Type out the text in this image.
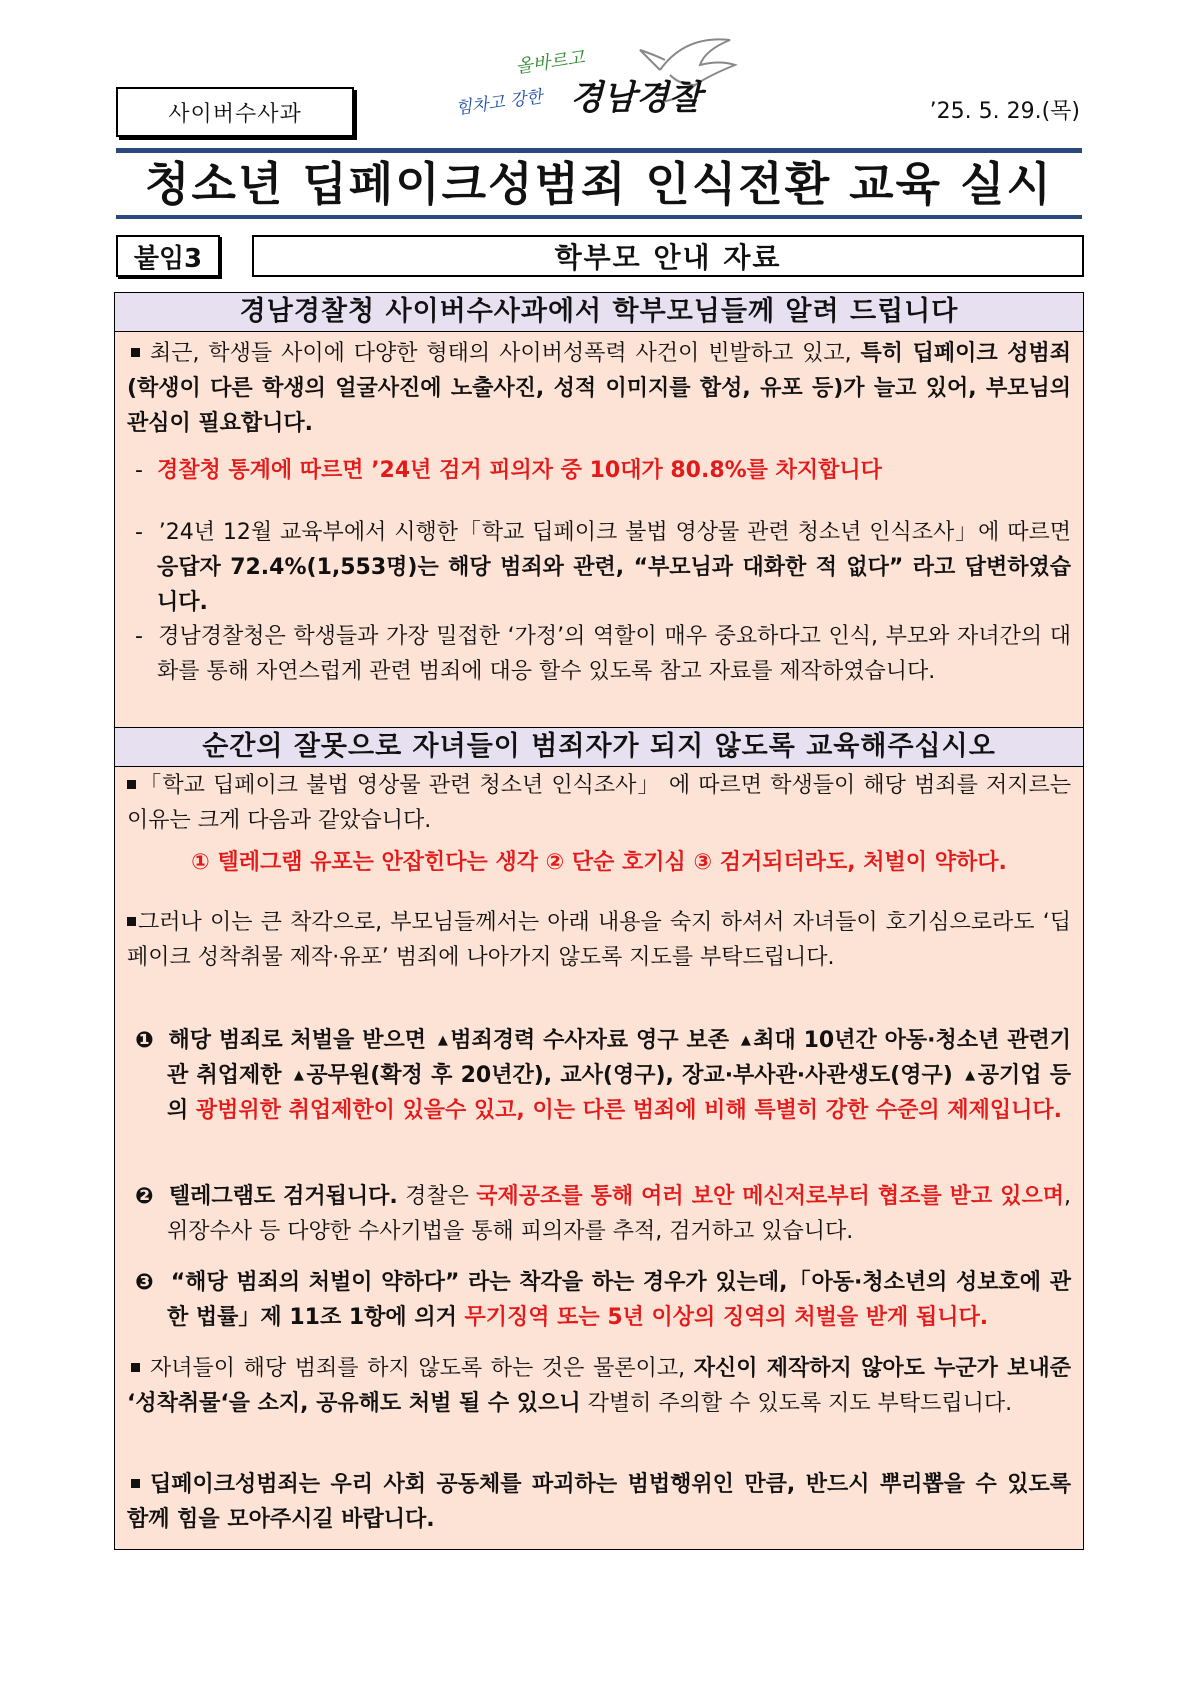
사이버수사과
올바르고
힘차고 강한 경남경찰	’25. 5. 29.(목)
청소년 딥페이크성범죄 인식전환 교육 실시
붙임3	학부모 안내 자료
경남경찰청 사이버수사과에서 학부모님들께 알려 드립니다
최근, 학생들 사이에 다양한 형태의 사이버성폭력 사건이 빈발하고 있고, 특히 딥페이크 성범죄(학생이 다른 학생의 얼굴사진에 노출사진, 성적 이미지를 합성, 유포 등)가 늘고 있어, 부모님의 관심이 필요합니다.
- 경찰청 통계에 따르면 ’24년 검거 피의자 중 10대가 80.8%를 차지합니다
- ’24년 12월 교육부에서 시행한「학교 딥페이크 불법 영상물 관련 청소년 인식조사」에 따르면 응답자 72.4%(1,553명)는 해당 범죄와 관련, “부모님과 대화한 적 없다” 라고 답변하였습니다.
- 경남경찰청은 학생들과 가장 밀접한 ‘가정’의 역할이 매우 중요하다고 인식, 부모와 자녀간의 대화를 통해 자연스럽게 관련 범죄에 대응 할수 있도록 참고 자료를 제작하였습니다.
순간의 잘못으로 자녀들이 범죄자가 되지 않도록 교육해주십시오
「학교 딥페이크 불법 영상물 관련 청소년 인식조사」 에 따르면 학생들이 해당 범죄를 저지르는 이유는 크게 다음과 같았습니다.
① 텔레그램 유포는 안잡힌다는 생각 ② 단순 호기심 ③ 검거되더라도, 처벌이 약하다.
그러나 이는 큰 착각으로, 부모님들께서는 아래 내용을 숙지 하셔서 자녀들이 호기심으로라도 ‘딥페이크 성착취물 제작·유포’ 범죄에 나아가지 않도록 지도를 부탁드립니다.
❶ 해당 범죄로 처벌을 받으면 ▲범죄경력 수사자료 영구 보존 ▲최대 10년간 아동·청소년 관련기관 취업제한 ▲공무원(확정 후 20년간), 교사(영구), 장교·부사관·사관생도(영구) ▲공기업 등의 광범위한 취업제한이 있을수 있고, 이는 다른 범죄에 비해 특별히 강한 수준의 제제입니다.
❷ 텔레그램도 검거됩니다. 경찰은 국제공조를 통해 여러 보안 메신저로부터 협조를 받고 있으며, 위장수사 등 다양한 수사기법을 통해 피의자를 추적, 검거하고 있습니다.
❸ “해당 범죄의 처벌이 약하다” 라는 착각을 하는 경우가 있는데,「아동·청소년의 성보호에 관한 법률」제 11조 1항에 의거 무기징역 또는 5년 이상의 징역의 처벌을 받게 됩니다.
자녀들이 해당 범죄를 하지 않도록 하는 것은 물론이고, 자신이 제작하지 않아도 누군가 보내준 ‘성착취물‘을 소지, 공유해도 처벌 될 수 있으니 각별히 주의할 수 있도록 지도 부탁드립니다.
딥페이크성범죄는 우리 사회 공동체를 파괴하는 범법행위인 만큼, 반드시 뿌리뽑을 수 있도록 함께 힘을 모아주시길 바랍니다.
